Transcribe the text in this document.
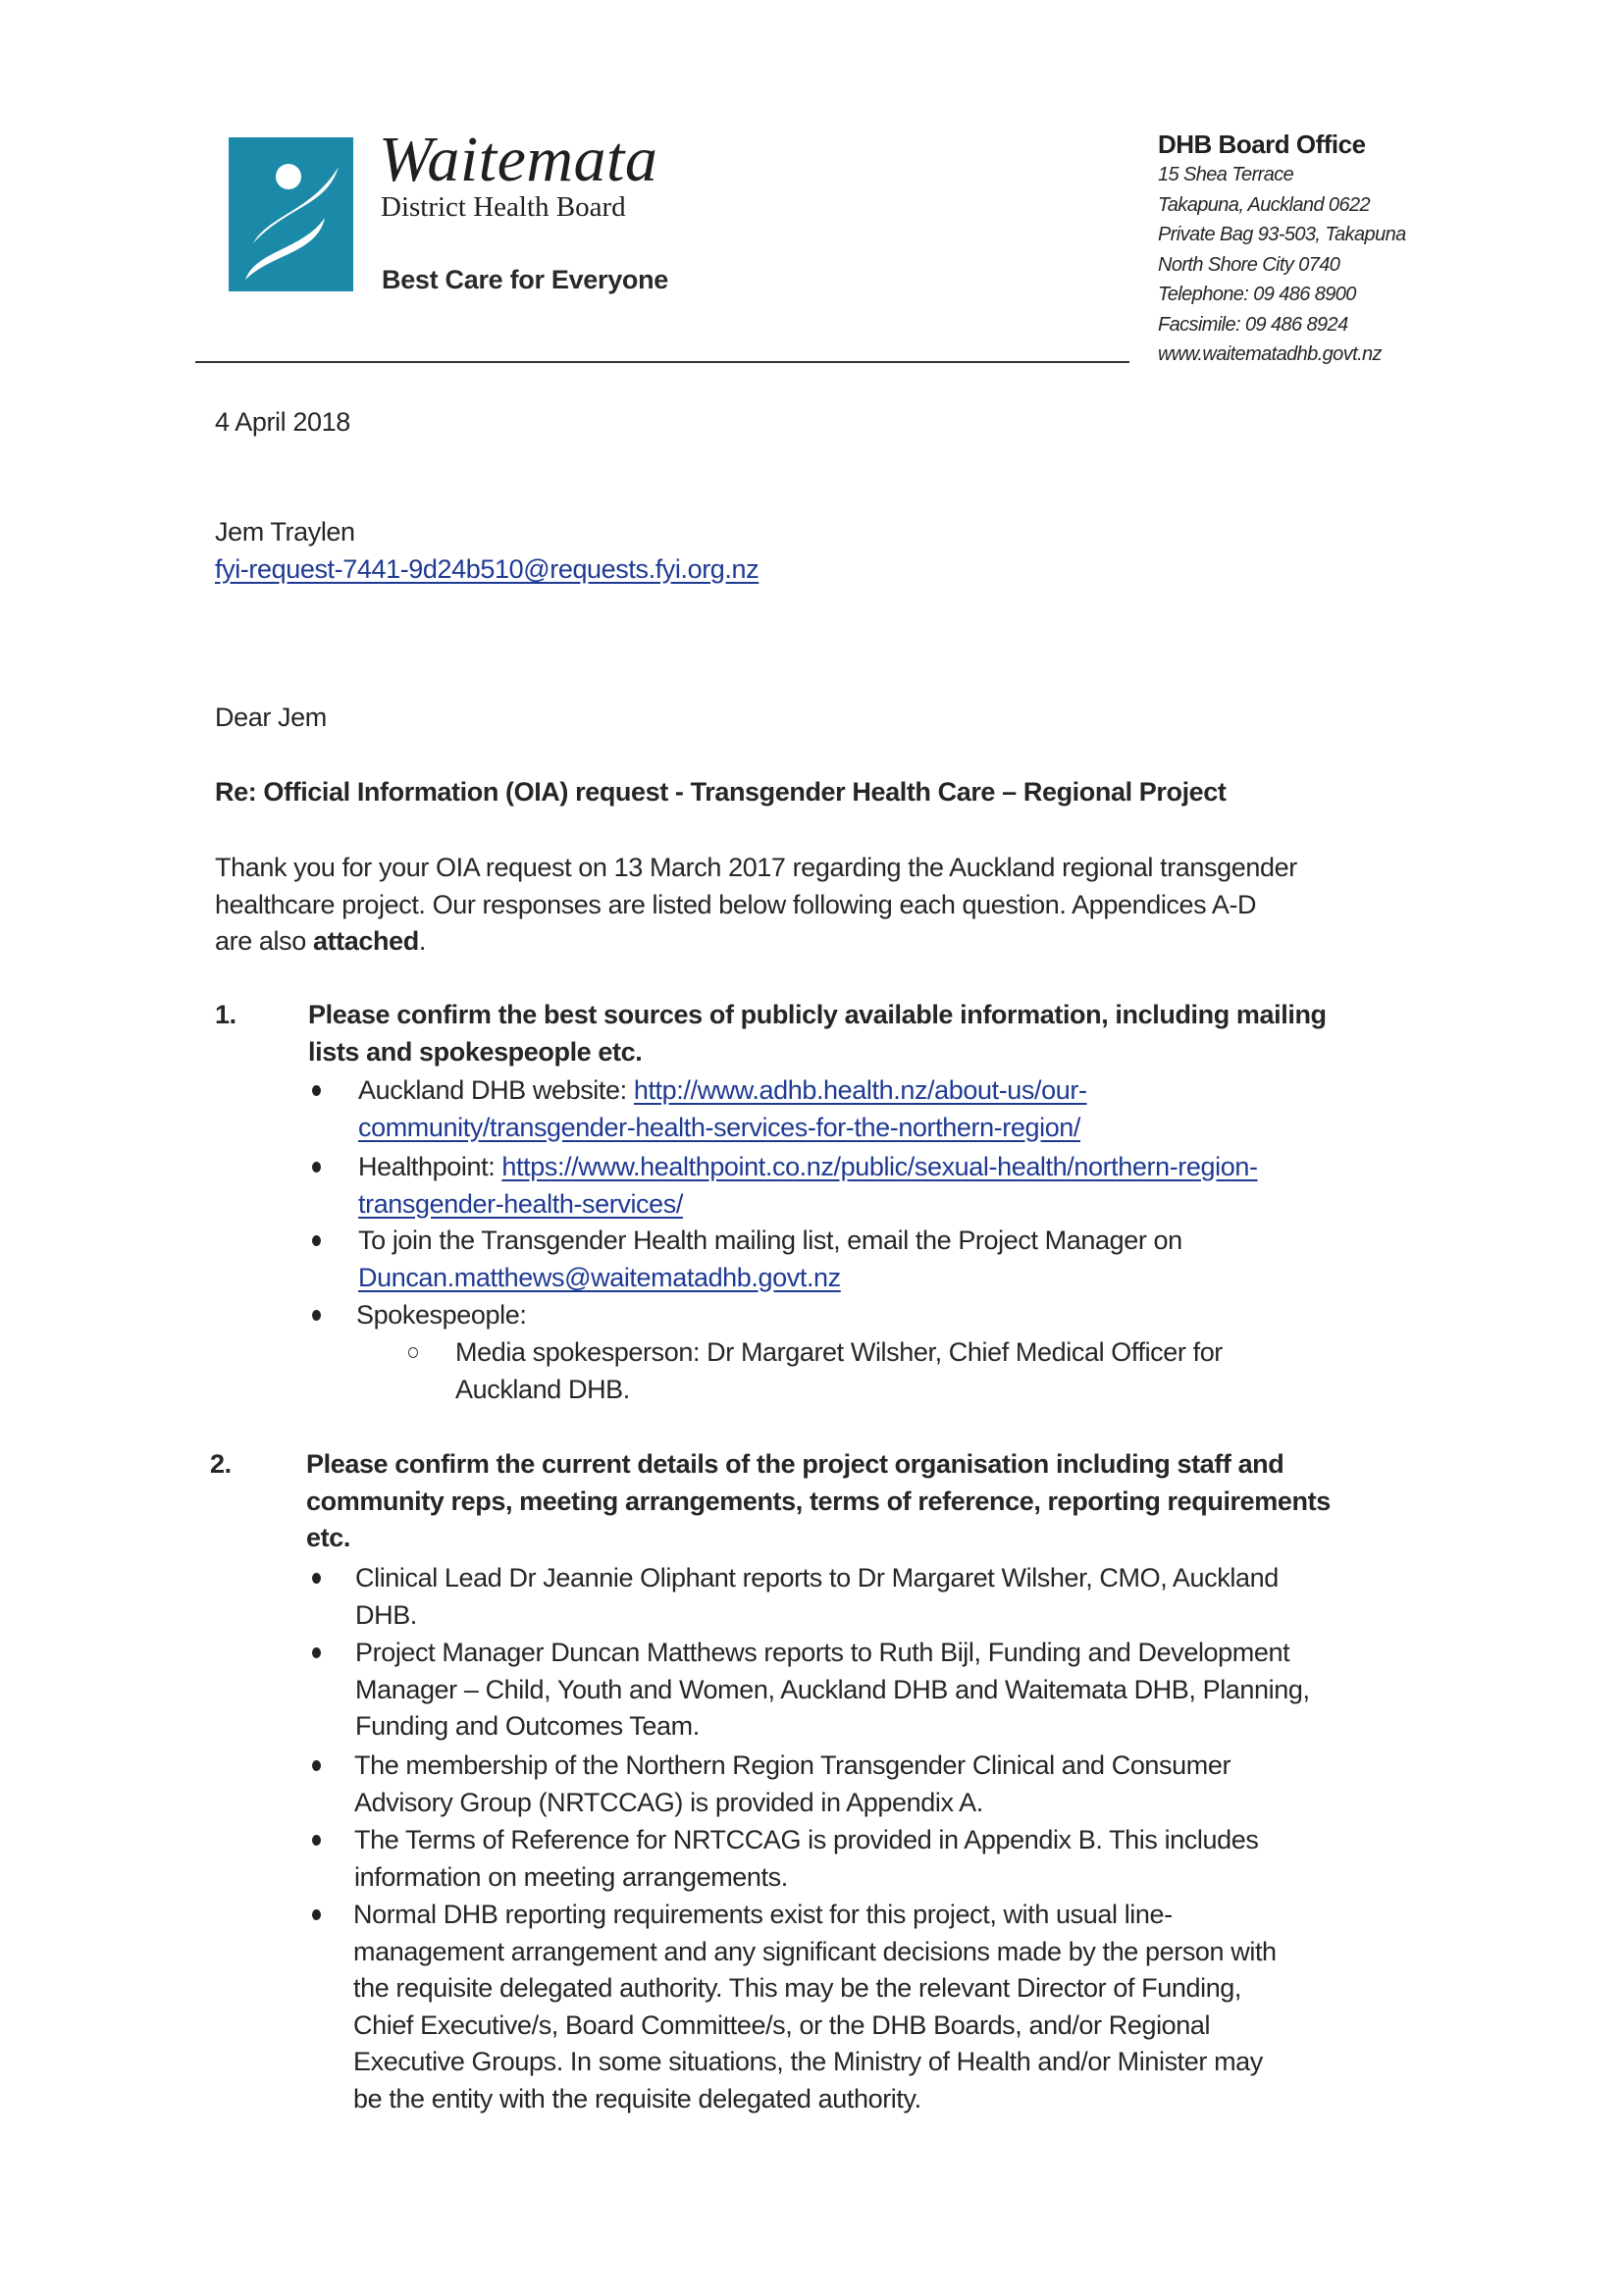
Waitemata
District Health Board
Best Care for Everyone
DHB Board Office
15 Shea Terrace
Takapuna, Auckland 0622
Private Bag 93-503, Takapuna
North Shore City 0740
Telephone: 09 486 8900
Facsimile: 09 486 8924
www.waitematadhb.govt.nz
4 April 2018
Jem Traylen
fyi-request-7441-9d24b510@requests.fyi.org.nz
Dear Jem
Re: Official Information (OIA) request - Transgender Health Care – Regional Project
Thank you for your OIA request on 13 March 2017 regarding the Auckland regional transgender
healthcare project. Our responses are listed below following each question. Appendices A-D
are also attached.
1.	Please confirm the best sources of publicly available information, including mailing
lists and spokespeople etc.
Auckland DHB website: http://www.adhb.health.nz/about-us/our-
community/transgender-health-services-for-the-northern-region/
Healthpoint: https://www.healthpoint.co.nz/public/sexual-health/northern-region-
transgender-health-services/
To join the Transgender Health mailing list, email the Project Manager on
Duncan.matthews@waitematadhb.govt.nz
Spokespeople:
Media spokesperson: Dr Margaret Wilsher, Chief Medical Officer for
Auckland DHB.
2.	Please confirm the current details of the project organisation including staff and
community reps, meeting arrangements, terms of reference, reporting requirements
etc.
Clinical Lead Dr Jeannie Oliphant reports to Dr Margaret Wilsher, CMO, Auckland
DHB.
Project Manager Duncan Matthews reports to Ruth Bijl, Funding and Development
Manager – Child, Youth and Women, Auckland DHB and Waitemata DHB, Planning,
Funding and Outcomes Team.
The membership of the Northern Region Transgender Clinical and Consumer
Advisory Group (NRTCCAG) is provided in Appendix A.
The Terms of Reference for NRTCCAG is provided in Appendix B. This includes
information on meeting arrangements.
Normal DHB reporting requirements exist for this project, with usual line-
management arrangement and any significant decisions made by the person with
the requisite delegated authority. This may be the relevant Director of Funding,
Chief Executive/s, Board Committee/s, or the DHB Boards, and/or Regional
Executive Groups. In some situations, the Ministry of Health and/or Minister may
be the entity with the requisite delegated authority.
